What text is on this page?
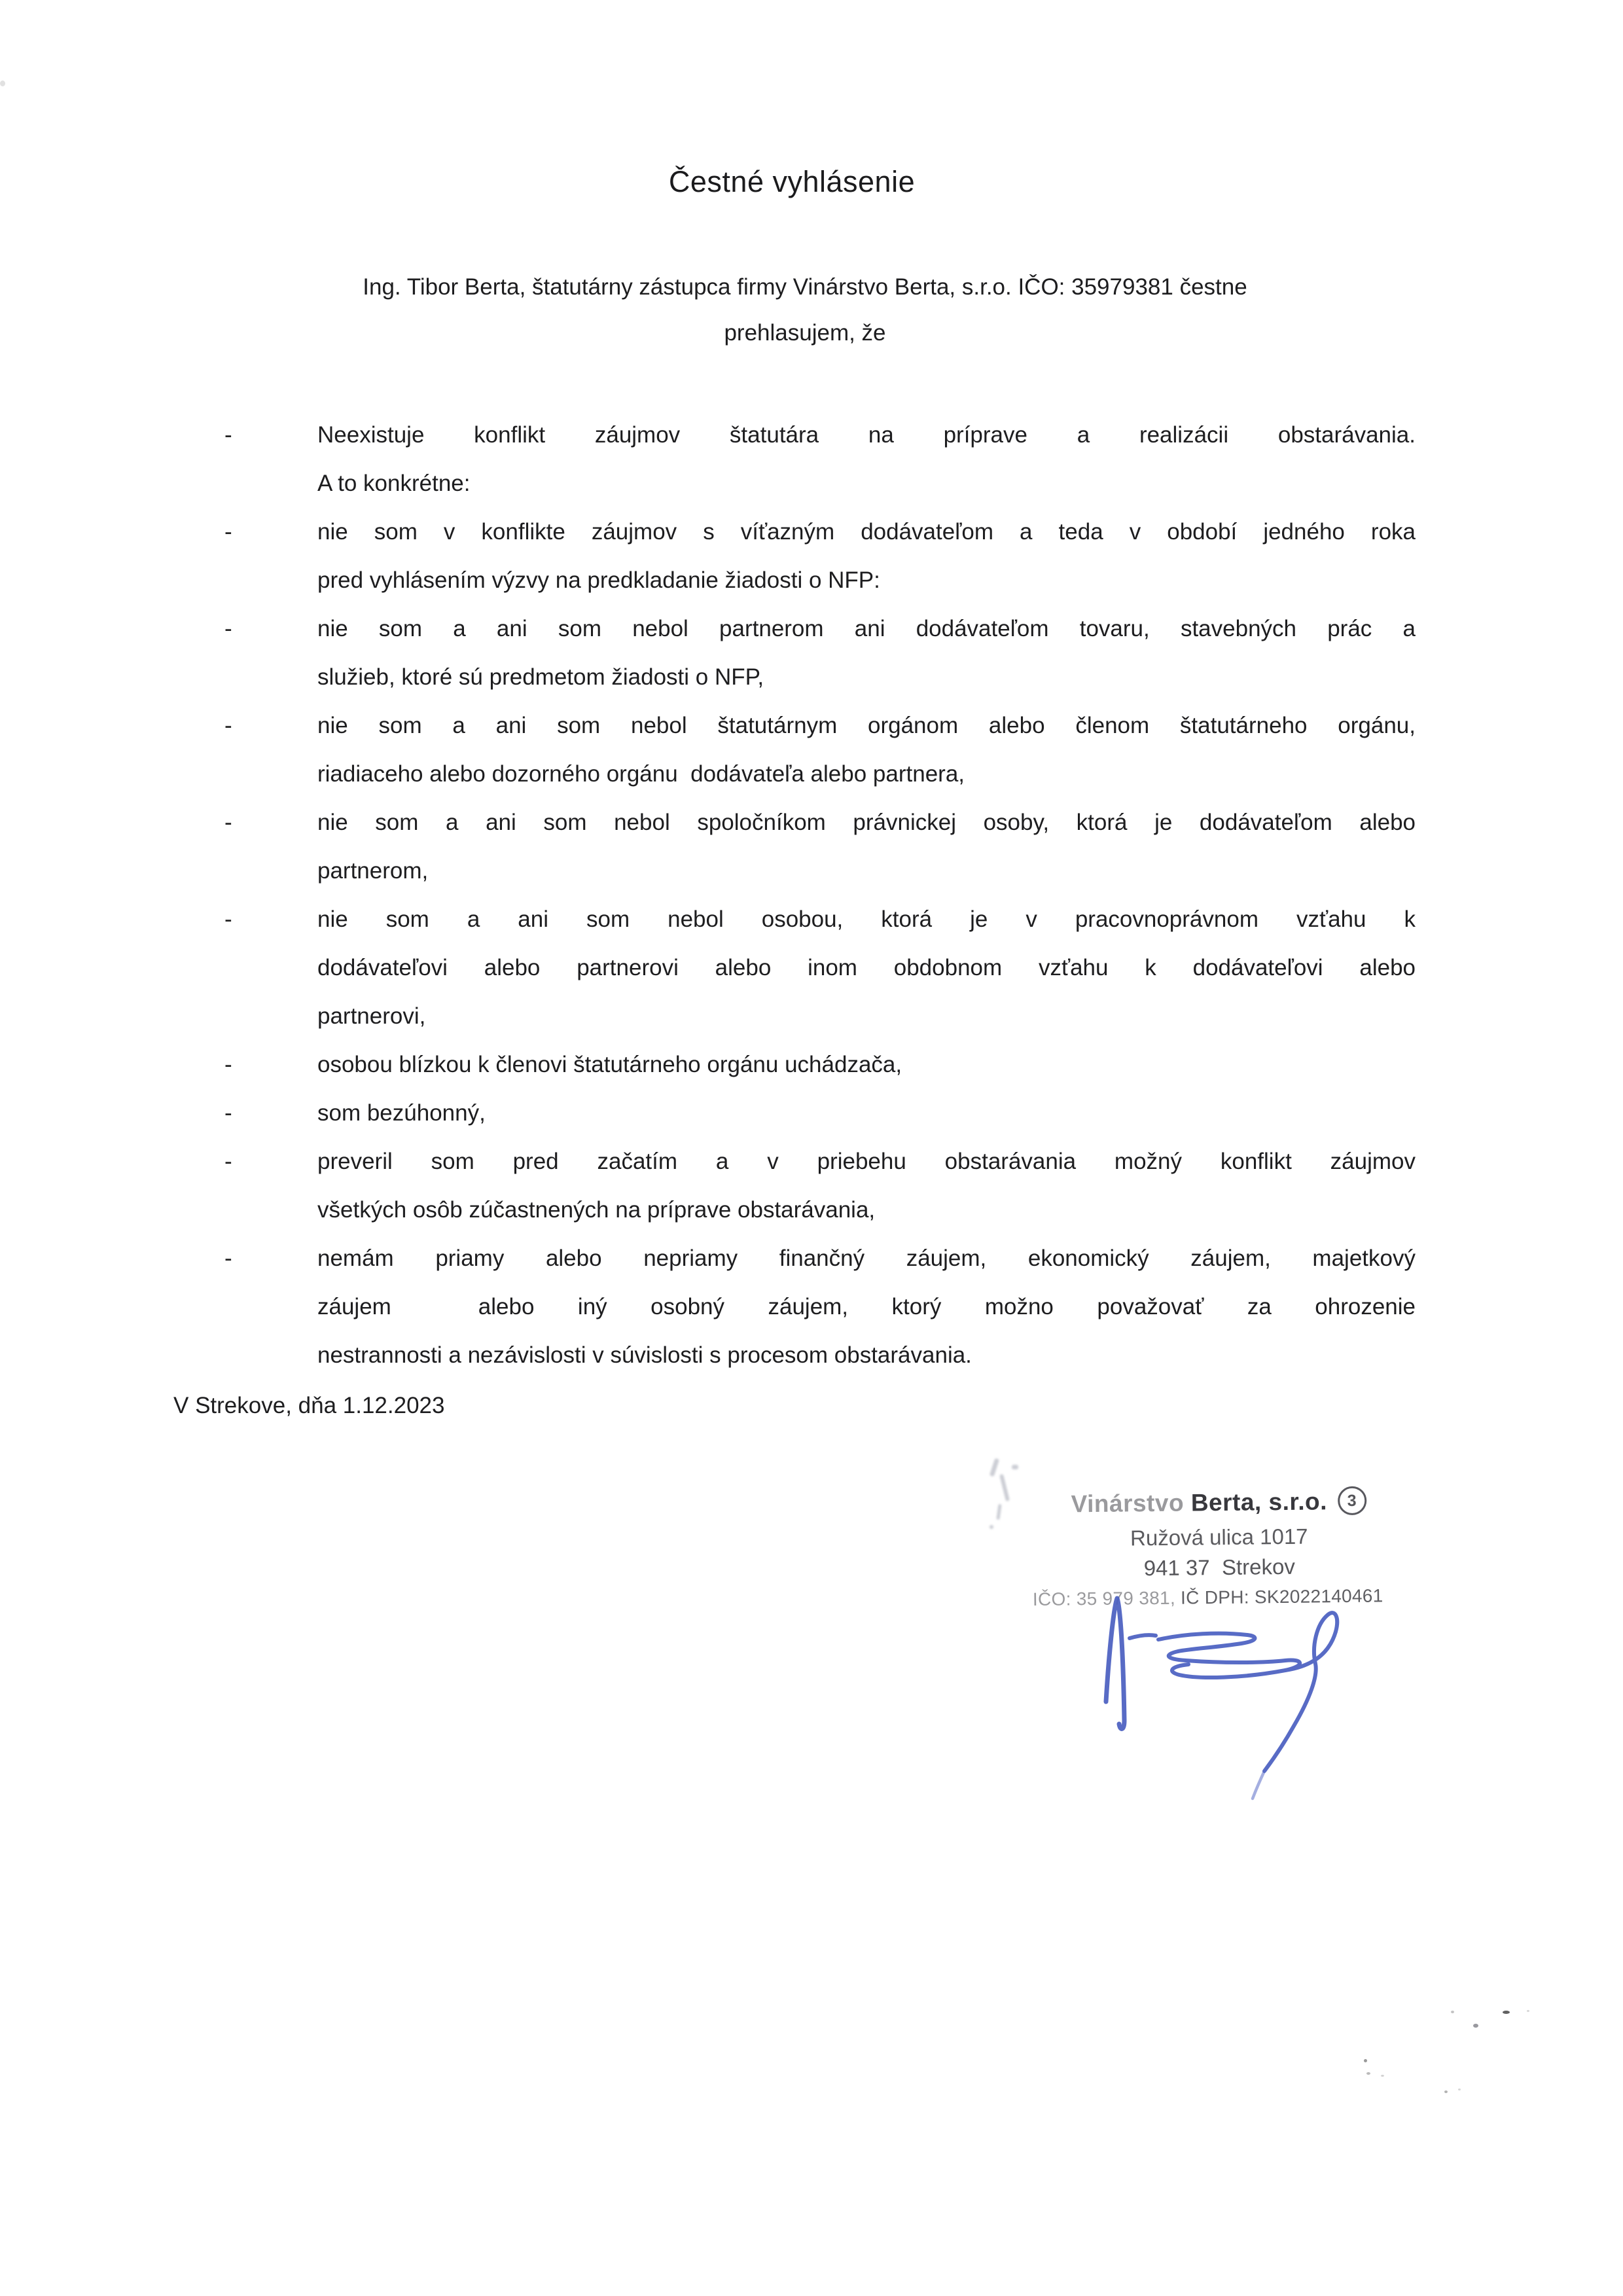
Čestné vyhlásenie
Ing. Tibor Berta, štatutárny zástupca firmy Vinárstvo Berta, s.r.o. IČO: 35979381 čestne
prehlasujem, že
-	Neexistuje konflikt záujmov štatutára na príprave a realizácii obstarávania.
A to konkrétne:
-	nie som v konflikte záujmov s víťazným dodávateľom a teda v období jedného roka
pred vyhlásením výzvy na predkladanie žiadosti o NFP:
-	nie som a ani som nebol partnerom ani dodávateľom tovaru, stavebných prác a
služieb, ktoré sú predmetom žiadosti o NFP,
-	nie som a ani som nebol štatutárnym orgánom alebo členom štatutárneho orgánu,
riadiaceho alebo dozorného orgánu  dodávateľa alebo partnera,
-	nie som a ani som nebol spoločníkom právnickej osoby, ktorá je dodávateľom alebo
partnerom,
-	nie som a ani som nebol osobou, ktorá je v pracovnoprávnom vzťahu k
dodávateľovi alebo partnerovi alebo inom obdobnom vzťahu k dodávateľovi alebo
partnerovi,
-	osobou blízkou k členovi štatutárneho orgánu uchádzača,
-	som bezúhonný,
-	preveril som pred začatím a v priebehu obstarávania možný konflikt záujmov
všetkých osôb zúčastnených na príprave obstarávania,
-	nemám priamy alebo nepriamy finančný záujem, ekonomický záujem, majetkový
záujem  alebo iný osobný záujem, ktorý možno považovať za ohrozenie
nestrannosti a nezávislosti v súvislosti s procesom obstarávania.
V Strekove, dňa 1.12.2023
Vinárstvo Berta, s.r.o. 3
Ružová ulica 1017
941 37  Strekov
IČO: 35 979 381, IČ DPH: SK2022140461
